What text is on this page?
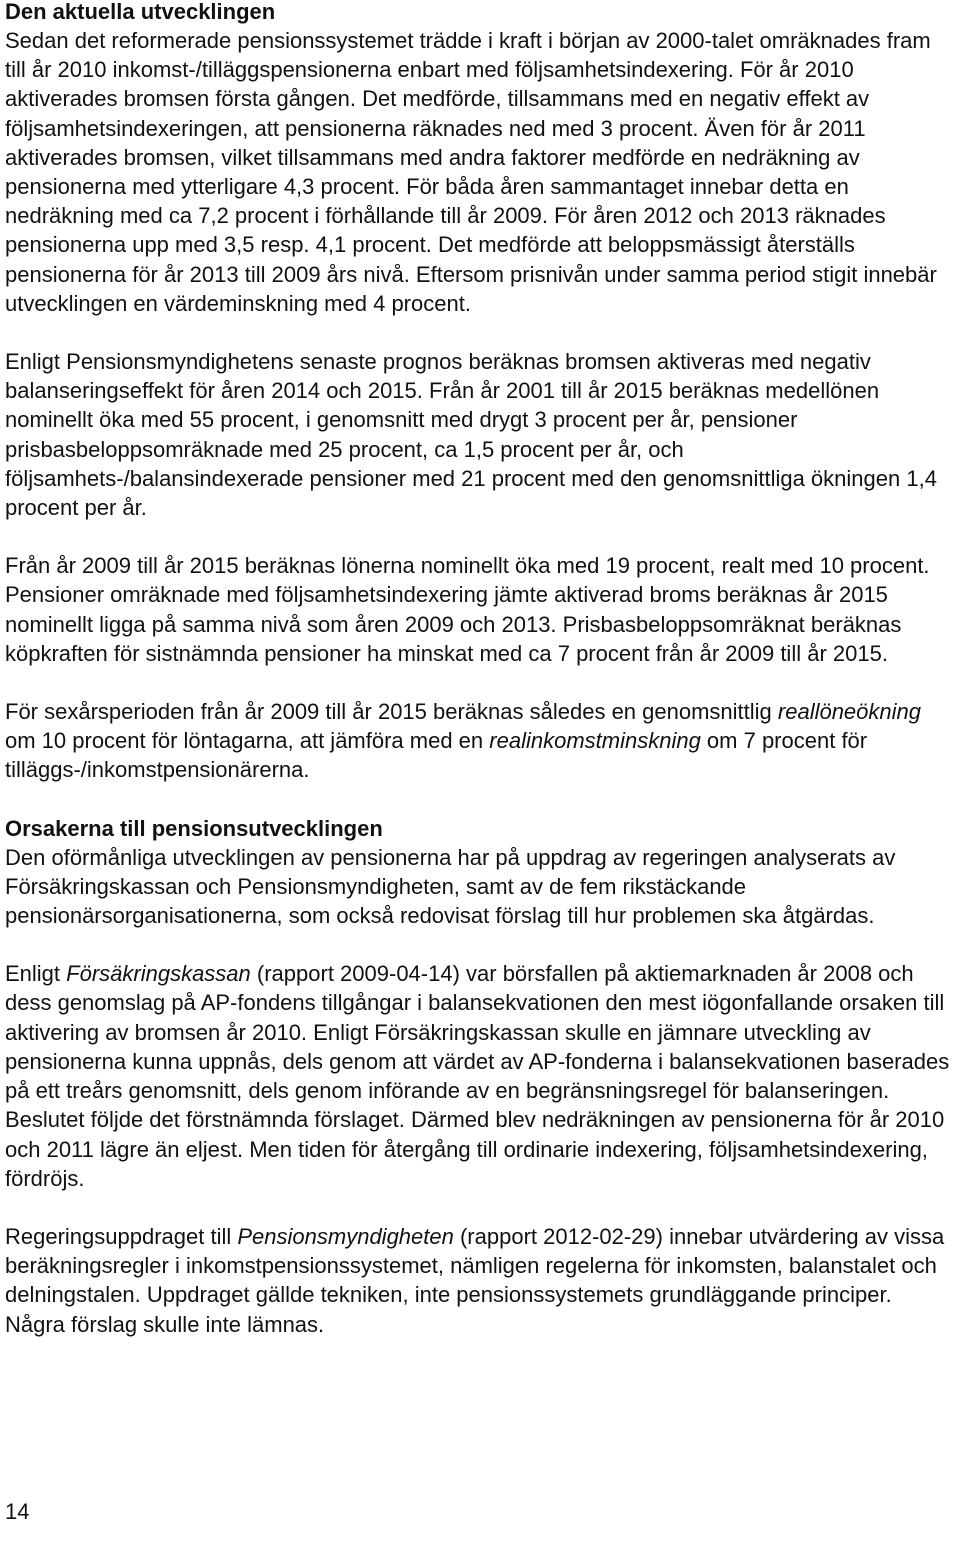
Den aktuella utvecklingen

Sedan det reformerade pensionssystemet trädde i kraft i början av 2000-talet omräknades fram till år 2010 inkomst-/tilläggspensionerna enbart med följsamhetsindexering. För år 2010 aktiverades bromsen första gången. Det medförde, tillsammans med en negativ effekt av följsamhetsindexeringen, att pensionerna räknades ned med 3 procent. Även för år 2011 aktiverades bromsen, vilket tillsammans med andra faktorer medförde en nedräkning av pensionerna med ytterligare 4,3 procent. För båda åren sammantaget innebar detta en nedräkning med ca 7,2 procent i förhållande till år 2009. För åren 2012 och 2013 räknades pensionerna upp med 3,5 resp. 4,1 procent. Det medförde att beloppsmässigt återställs pensionerna för år 2013 till 2009 års nivå. Eftersom prisnivån under samma period stigit innebär utvecklingen en värdeminskning med 4 procent.

Enligt Pensionsmyndighetens senaste prognos beräknas bromsen aktiveras med negativ balanseringseffekt för åren 2014 och 2015. Från år 2001 till år 2015 beräknas medellönen nominellt öka med 55 procent, i genomsnitt med drygt 3 procent per år, pensioner prisbasbeloppsomräknade med 25 procent, ca 1,5 procent per år, och följsamhets-/balansindexerade pensioner med 21 procent med den genomsnittliga ökningen 1,4 procent per år.

Från år 2009 till år 2015 beräknas lönerna nominellt öka med 19 procent, realt med 10 procent. Pensioner omräknade med följsamhetsindexering jämte aktiverad broms beräknas år 2015 nominellt ligga på samma nivå som åren 2009 och 2013. Prisbasbeloppsomräknat beräknas köpkraften för sistnämnda pensioner ha minskat med ca 7 procent från år 2009 till år 2015.

För sexårsperioden från år 2009 till år 2015 beräknas således en genomsnittlig reallöneökning om 10 procent för löntagarna, att jämföra med en realinkomstminskning om 7 procent för tilläggs-/inkomstpensionärerna.

Orsakerna till pensionsutvecklingen

Den oförmånliga utvecklingen av pensionerna har på uppdrag av regeringen analyserats av Försäkringskassan och Pensionsmyndigheten, samt av de fem rikstäckande pensionärsorganisationerna, som också redovisat förslag till hur problemen ska åtgärdas.

Enligt Försäkringskassan (rapport 2009-04-14) var börsfallen på aktiemarknaden år 2008 och dess genomslag på AP-fondens tillgångar i balansekvationen den mest iögonfallande orsaken till aktivering av bromsen år 2010. Enligt Försäkringskassan skulle en jämnare utveckling av pensionerna kunna uppnås, dels genom att värdet av AP-fonderna i balansekvationen baserades på ett treårs genomsnitt, dels genom införande av en begränsningsregel för balanseringen. Beslutet följde det förstnämnda förslaget. Därmed blev nedräkningen av pensionerna för år 2010 och 2011 lägre än eljest. Men tiden för återgång till ordinarie indexering, följsamhetsindexering, fördröjs.

Regeringsuppdraget till Pensionsmyndigheten (rapport 2012-02-29) innebar utvärdering av vissa beräkningsregler i inkomstpensionssystemet, nämligen regelerna för inkomsten, balanstalet och delningstalen. Uppdraget gällde tekniken, inte pensionssystemets grundläggande principer. Några förslag skulle inte lämnas.

14
